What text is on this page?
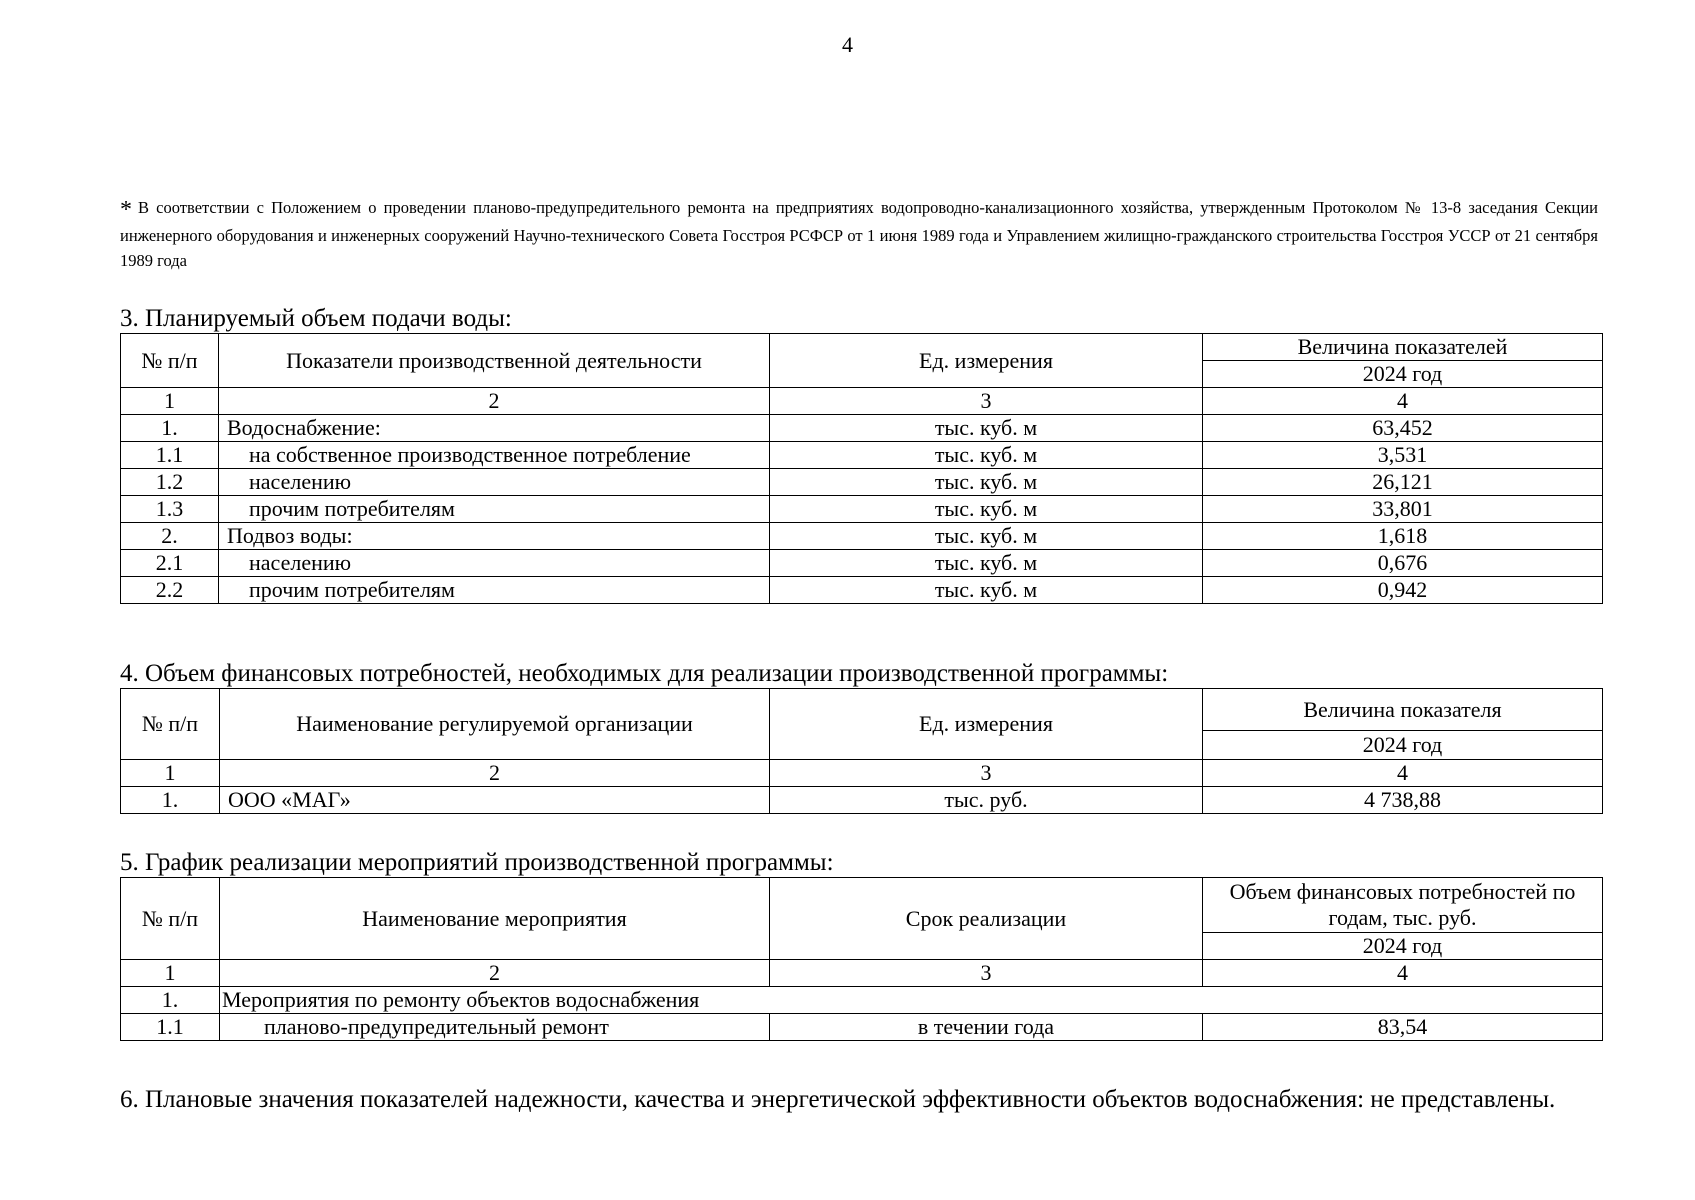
4
* В соответствии с Положением о проведении планово-предупредительного ремонта на предприятиях водопроводно-канализационного хозяйства, утвержденным Протоколом № 13-8 заседания Секции инженерного оборудования и инженерных сооружений Научно-технического Совета Госстроя РСФСР от 1 июня 1989 года и Управлением жилищно-гражданского строительства Госстроя УССР от 21 сентября 1989 года
3. Планируемый объем подачи воды:
№ п/п	Показатели производственной деятельности	Ед. измерения	Величина показателей
			2024 год
1	2	3	4
1.	Водоснабжение:	тыс. куб. м	63,452
1.1	на собственное производственное потребление	тыс. куб. м	3,531
1.2	населению	тыс. куб. м	26,121
1.3	прочим потребителям	тыс. куб. м	33,801
2.	Подвоз воды:	тыс. куб. м	1,618
2.1	населению	тыс. куб. м	0,676
2.2	прочим потребителям	тыс. куб. м	0,942
4. Объем финансовых потребностей, необходимых для реализации производственной программы:
№ п/п	Наименование регулируемой организации	Ед. измерения	Величина показателя
			2024 год
1	2	3	4
1.	ООО «МАГ»	тыс. руб.	4 738,88
5. График реализации мероприятий производственной программы:
№ п/п	Наименование мероприятия	Срок реализации	Объем финансовых потребностей по годам, тыс. руб.
			2024 год
1	2	3	4
1.	Мероприятия по ремонту объектов водоснабжения		
1.1	планово-предупредительный ремонт	в течении года	83,54
6. Плановые значения показателей надежности, качества и энергетической эффективности объектов водоснабжения: не представлены.
